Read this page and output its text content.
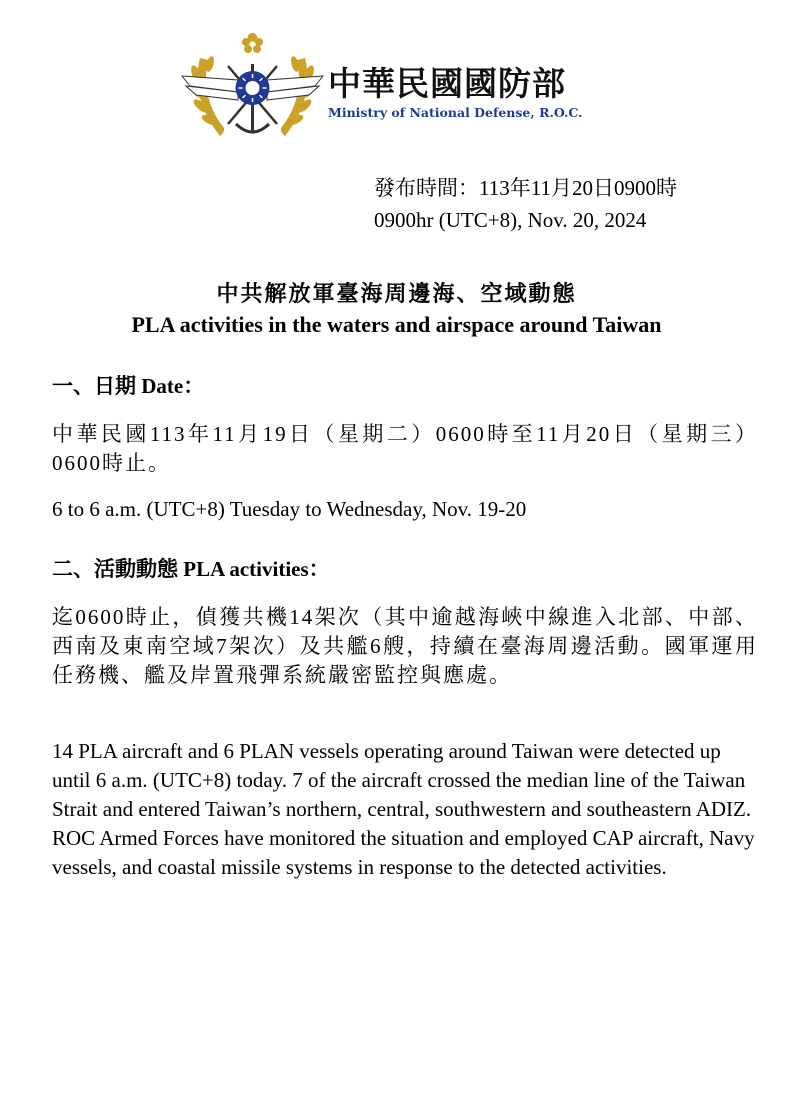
中華民國國防部
Ministry of National Defense, R.O.C.
發布時間：113年11月20日0900時
0900hr (UTC+8), Nov. 20, 2024
中共解放軍臺海周邊海、空域動態
PLA activities in the waters and airspace around Taiwan
一、日期 Date：
中華民國113年11月19日（星期二）0600時至11月20日（星期三）0600時止。
6 to 6 a.m. (UTC+8) Tuesday to Wednesday, Nov. 19-20
二、活動動態 PLA activities：
迄0600時止，偵獲共機14架次（其中逾越海峽中線進入北部、中部、西南及東南空域7架次）及共艦6艘，持續在臺海周邊活動。國軍運用任務機、艦及岸置飛彈系統嚴密監控與應處。
14 PLA aircraft and 6 PLAN vessels operating around Taiwan were detected up until 6 a.m. (UTC+8) today. 7 of the aircraft crossed the median line of the Taiwan Strait and entered Taiwan’s northern, central, southwestern and southeastern ADIZ. ROC Armed Forces have monitored the situation and employed CAP aircraft, Navy vessels, and coastal missile systems in response to the detected activities.
